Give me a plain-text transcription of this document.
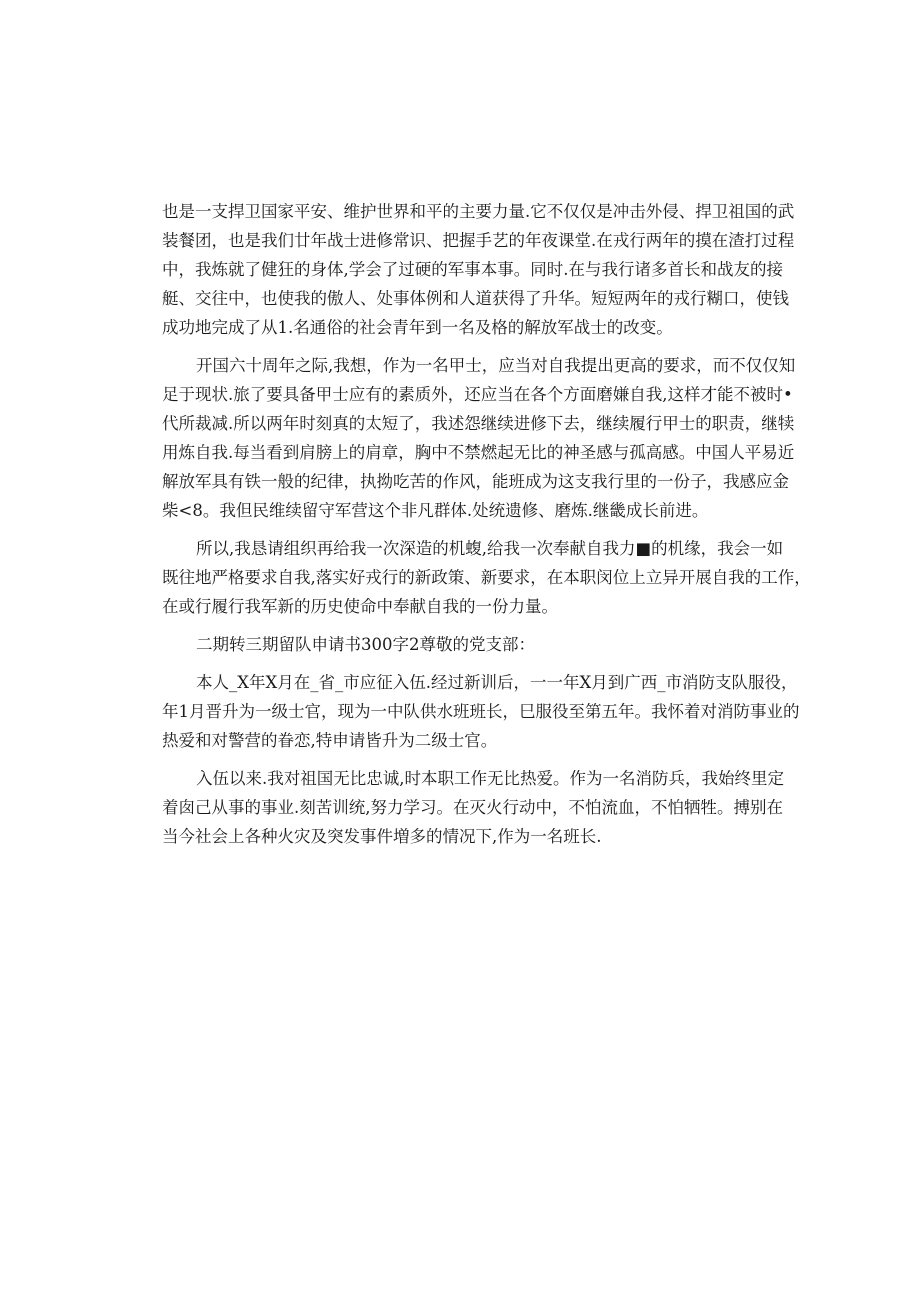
也是一支捍卫国家平安、维护世界和平的主要力量.它不仅仅是冲击外侵、捍卫祖国的武
装餐团，也是我们廿年战士进修常识、把握手艺的年夜课堂.在戎行两年的摸在渣打过程
中，我炼就了健狂的身体,学会了过硬的军事本事。同时.在与我行诸多首长和战友的接
艇、交往中，也使我的傲人、处事体例和人道获得了升华。短短两年的戎行糊口，使钱
成功地完成了从1.名通俗的社会青年到一名及格的解放军战士的改变。
开国六十周年之际,我想，作为一名甲士，应当对自我提出更高的要求，而不仅仅知
足于现状.旅了要具备甲士应有的素质外，还应当在各个方面磨嫌自我,这样才能不被时•
代所裁减.所以两年时刻真的太短了，我述怨继续进修下去，继续履行甲士的职责，继犊
用炼自我.每当看到肩膀上的肩章，胸中不禁燃起无比的神圣感与孤高感。中国人平易近
解放军具有铁一般的纪律，执拗吃苦的作风，能班成为这支我行里的一份子，我感应金
柴<8。我但民维续留守军营这个非凡群体.处统遗修、磨炼.继畿成长前进。
所以,我恳请组织再给我一次深造的机蝮,给我一次奉献自我力■的机缘，我会一如
既往地严格要求自我,落实好戎行的新政策、新要求，在本职闵位上立异开展自我的工作，
在或行履行我军新的历史使命中奉献自我的一份力量。
二期转三期留队申请书300字2尊敬的党支部：
本人_X年X月在_省_市应征入伍.经过新训后，一一年X月到广西_市消防支队服役，
年1月晋升为一级士官，现为一中队供水班班长，巳服役至第五年。我怀着对消防事业的
热爱和对警营的眷恋,特申请皆升为二级士官。
入伍以来.我对祖国无比忠诚,时本职工作无比热爱。作为一名消防兵，我始终里定
着囱己从事的事业.刻苦训统,努力学习。在灭火行动中，不怕流血，不怕牺牲。搏别在
当今社会上各种火灾及突发事件増多的情况下,作为一名班长.
